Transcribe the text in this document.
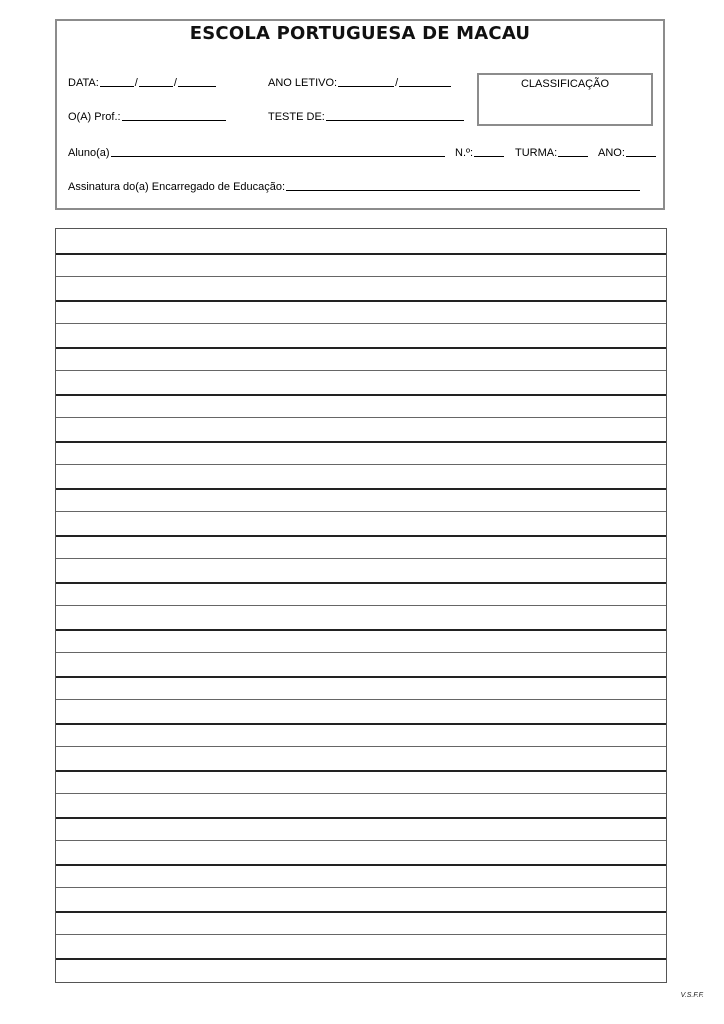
ESCOLA PORTUGUESA DE MACAU
DATA:	/	/	ANO LETIVO:	/	CLASSIFICAÇÃO
O(A) Prof.:	TESTE DE:
Aluno(a)	N.º:	TURMA:	ANO:
Assinatura do(a) Encarregado de Educação:
V.S.F.F.
